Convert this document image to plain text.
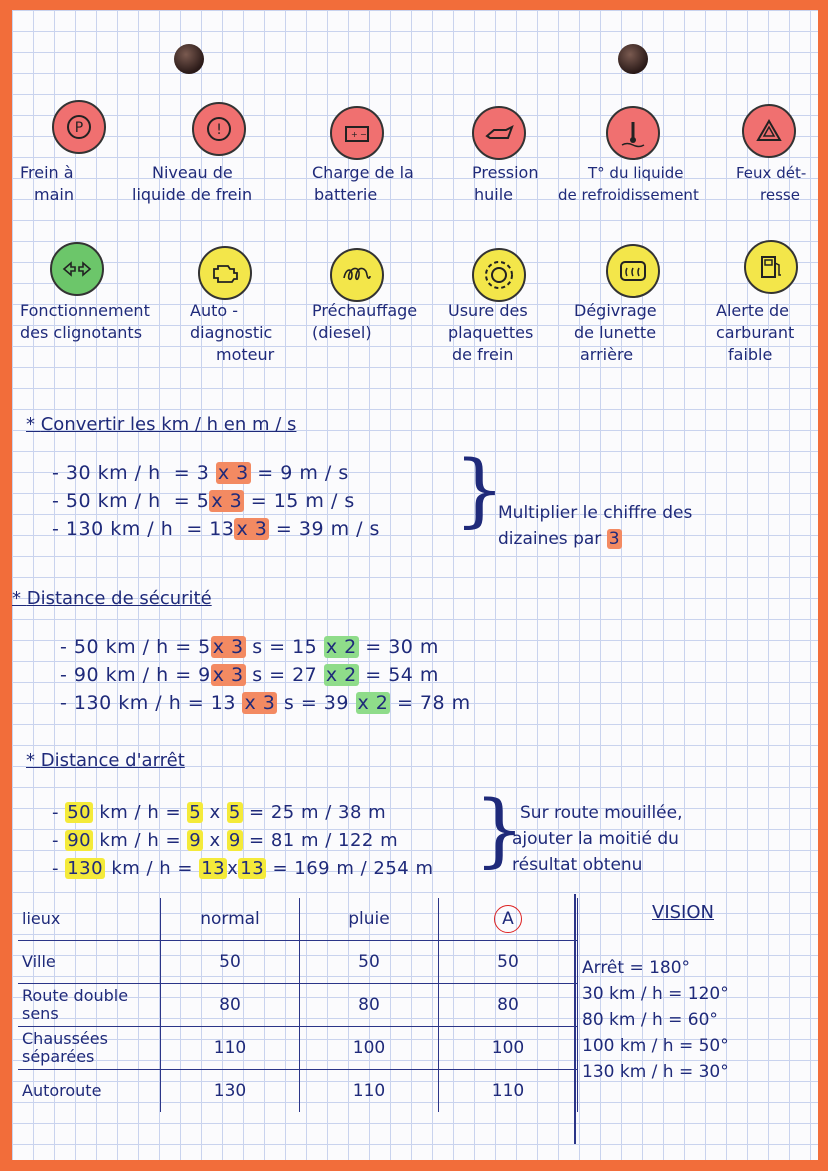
P	!	+ −
Frein à
main
Niveau de
liquide de frein
Charge de la
batterie
Pression
huile
T° du liquide
de refroidissement
Feux dét-
resse
Fonctionnement
des clignotants
Auto -
diagnostic
moteur
Préchauffage
(diesel)
Usure des
plaquettes
de frein
Dégivrage
de lunette
arrière
Alerte de
carburant
faible
* Convertir les km / h en m / s
- 30 km / h = 3 x 3 = 9 m / s
- 50 km / h = 5 x 3 = 15 m / s
- 130 km / h = 13 x 3 = 39 m / s }
Multiplier le chiffre des
dizaines par 3
* Distance de sécurité
- 50 km / h = 5 x 3 s = 15 x 2 = 30 m
- 90 km / h = 9 x 3 s = 27 x 2 = 54 m
- 130 km / h = 13 x 3 s = 39 x 2 = 78 m
* Distance d'arrêt
- 50 km / h = 5 x 5 = 25 m / 38 m
- 90 km / h = 9 x 9 = 81 m / 122 m
- 130 km / h = 13 x 13 = 169 m / 254 m }
Sur route mouillée,
ajouter la moitié du
résultat obtenu
lieux	normal	pluie	A
Ville	50	50	50
Route double sens	80	80	80
Chaussées séparées	110	100	100
Autoroute	130	110	110
VISION
Arrêt = 180°
30 km / h = 120°
80 km / h = 60°
100 km / h = 50°
130 km / h = 30°
